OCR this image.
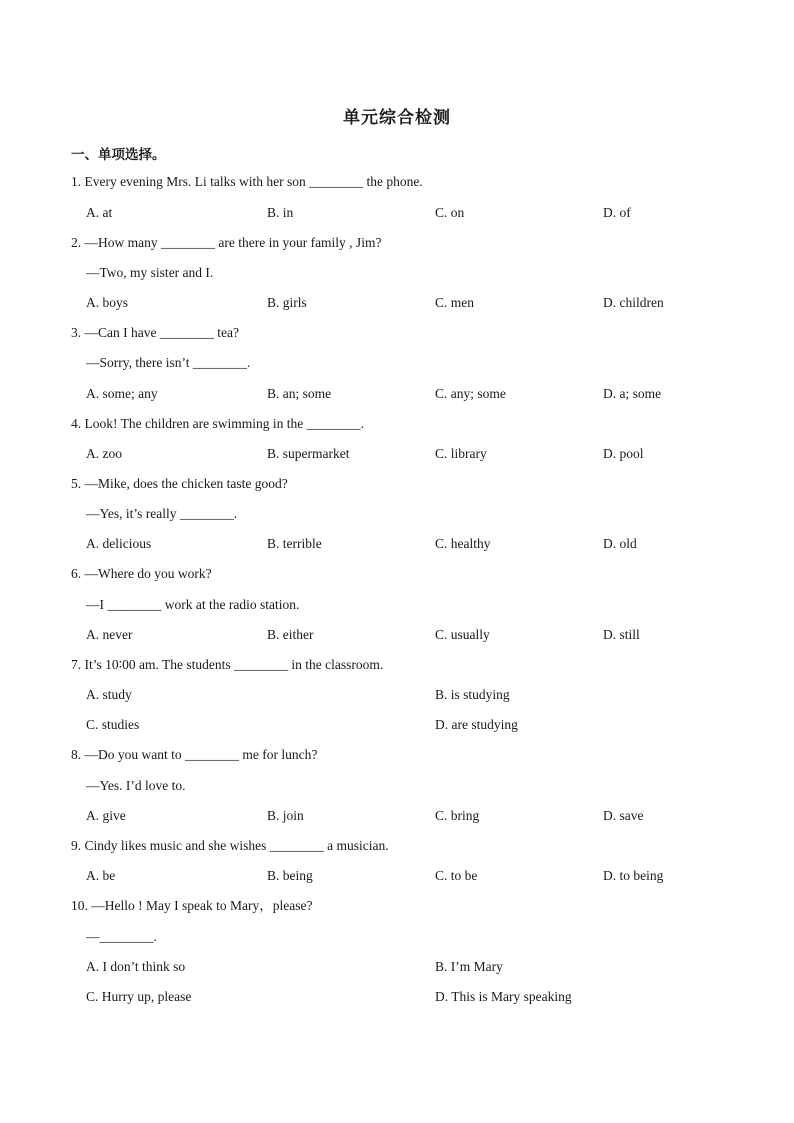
单元综合检测
一、单项选择。
1. Every evening Mrs. Li talks with her son ________ the phone.
A. at	B. in	C. on	D. of
2. —How many ________ are there in your family , Jim?
—Two, my sister and I.
A. boys	B. girls	C. men	D. children
3. —Can I have ________ tea?
—Sorry, there isn’t ________.
A. some; any	B. an; some	C. any; some	D. a; some
4. Look! The children are swimming in the ________.
A. zoo	B. supermarket	C. library	D. pool
5. —Mike, does the chicken taste good?
—Yes, it’s really ________.
A. delicious	B. terrible	C. healthy	D. old
6. —Where do you work?
—I ________ work at the radio station.
A. never	B. either	C. usually	D. still
7. It’s 10∶00 am. The students ________ in the classroom.
A. study	B. is studying
C. studies	D. are studying
8. —Do you want to ________ me for lunch?
—Yes. I’d love to.
A. give	B. join	C. bring	D. save
9. Cindy likes music and she wishes ________ a musician.
A. be	B. being	C. to be	D. to being
10. —Hello ! May I speak to Mary，please?
—________.
A. I don’t think so	B. I’m Mary
C. Hurry up, please	D. This is Mary speaking
